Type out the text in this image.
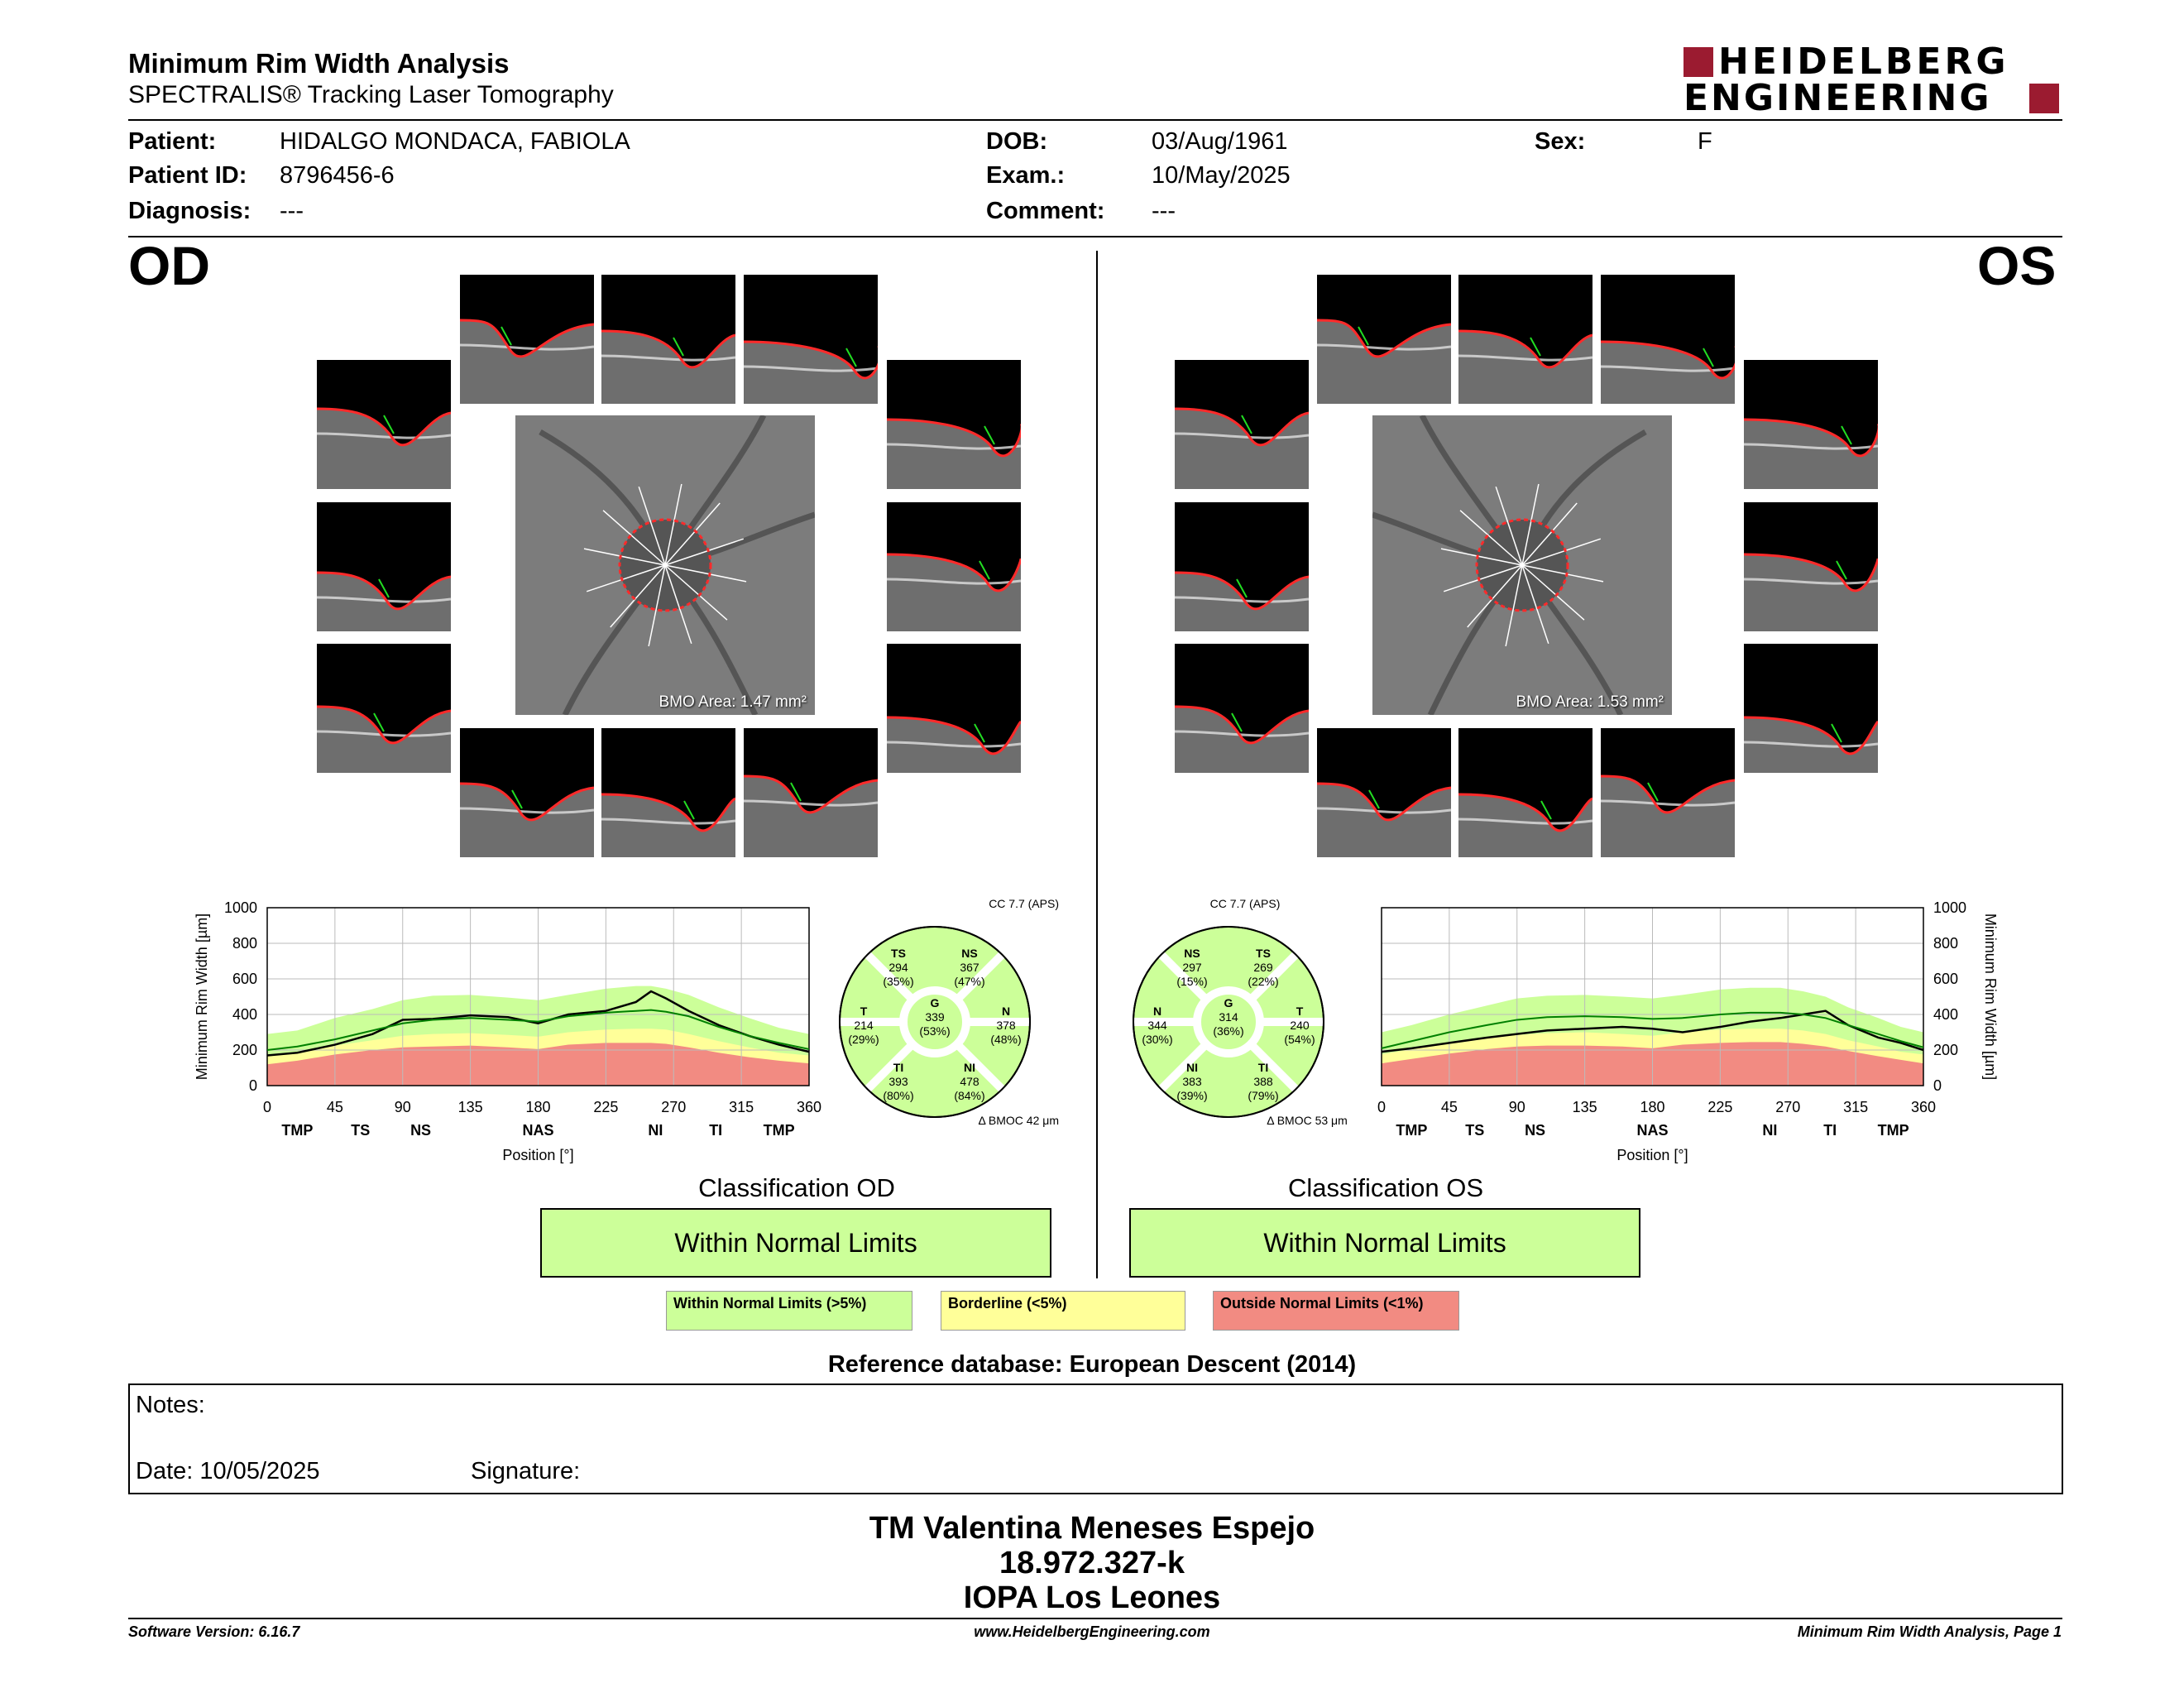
Minimum Rim Width Analysis
SPECTRALIS® Tracking Laser Tomography
HEIDELBERG
ENGINEERING
Patient:	HIDALGO MONDACA, FABIOLA
Patient ID: 8796456-6
Diagnosis: ---
DOB:	03/Aug/1961
Exam.:	10/May/2025
Comment: ---
Sex:	F
OD	OS
BMO Area: 1.47 mm²	BMO Area: 1.53 mm²
0	45	90	135	180	225	270	315	360
0
200
400
600
800
1000
TMP	TS	NS	NAS	NI	TI	TMP
Position [°]
Minimum Rim Width [µm]
0	45	90	135	180	225	270	315	360
0
200
400
600
800
1000
TMP	TS	NS	NAS	NI	TI	TMP
Position [°]
Minimum Rim Width [µm]
TS
294
(35%)
NS
367
(47%)
T
214
(29%)
G
339
(53%)
N
378
(48%)
TI
393
(80%)
NI
478
(84%)
CC 7.7 (APS)
Δ BMOC 42 μm
NS
297
(15%)
TS
269
(22%)
N
344
(30%)
G
314
(36%)
T
240
(54%)
NI
383
(39%)
TI
388
(79%)
CC 7.7 (APS)
Δ BMOC 53 μm
Classification OD
Within Normal Limits
Classification OS
Within Normal Limits
Within Normal Limits (>5%)	Borderline (<5%)	Outside Normal Limits (<1%)
Reference database: European Descent (2014)
Notes:
Date: 10/05/2025	Signature:
TM Valentina Meneses Espejo
18.972.327-k
IOPA Los Leones
Software Version: 6.16.7	www.HeidelbergEngineering.com	Minimum Rim Width Analysis, Page 1
